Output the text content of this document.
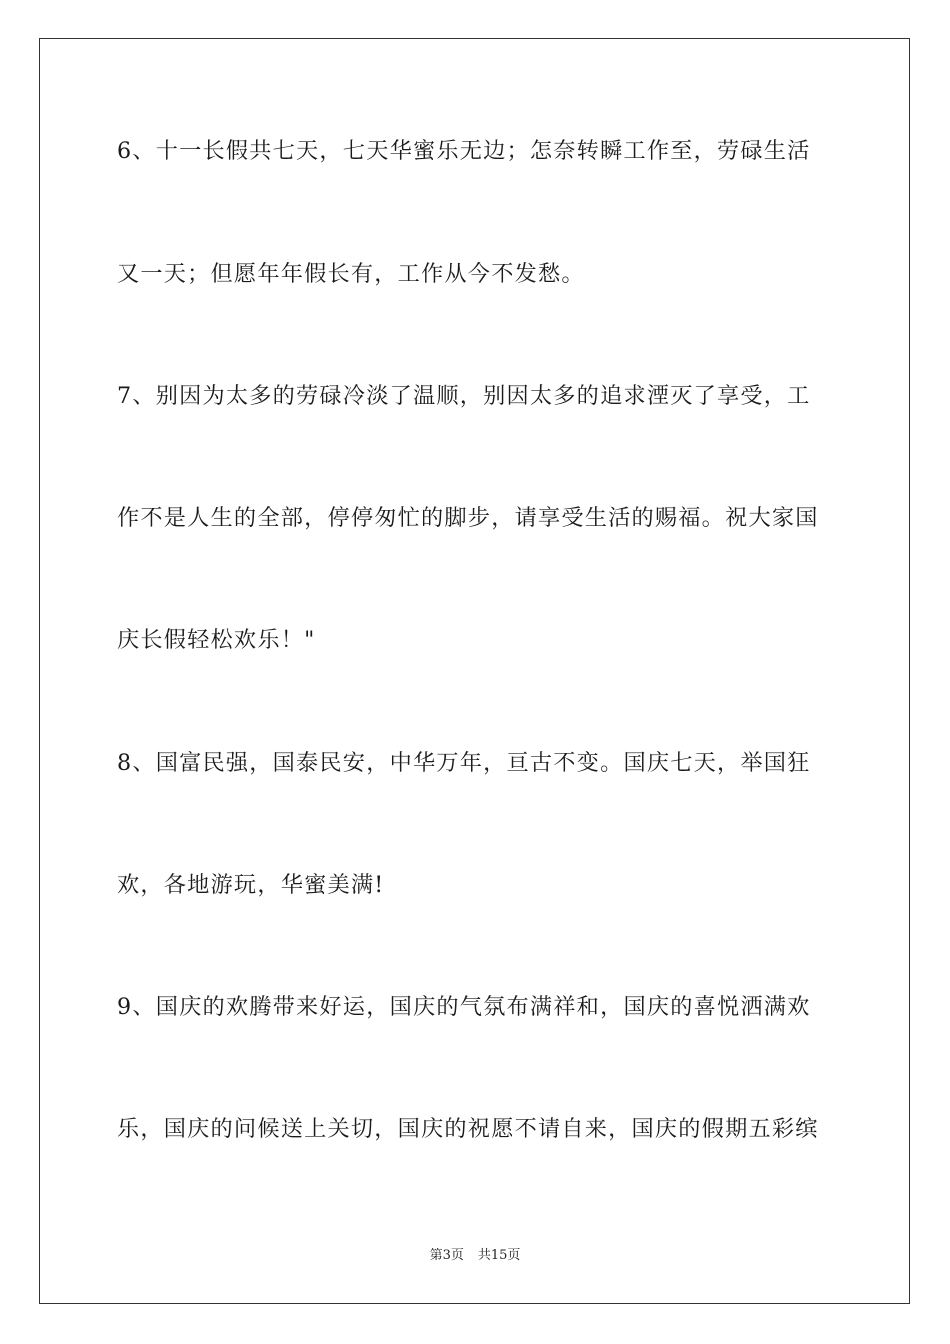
6、十一长假共七天，七天华蜜乐无边；怎奈转瞬工作至，劳碌生活
又一天；但愿年年假长有，工作从今不发愁。
7、别因为太多的劳碌冷淡了温顺，别因太多的追求湮灭了享受，工
作不是人生的全部，停停匆忙的脚步，请享受生活的赐福。祝大家国
庆长假轻松欢乐！"
8、国富民强，国泰民安，中华万年，亘古不变。国庆七天，举国狂
欢，各地游玩，华蜜美满!
9、国庆的欢腾带来好运，国庆的气氛布满祥和，国庆的喜悦洒满欢
乐，国庆的问候送上关切，国庆的祝愿不请自来，国庆的假期五彩缤
第3页 共15页
